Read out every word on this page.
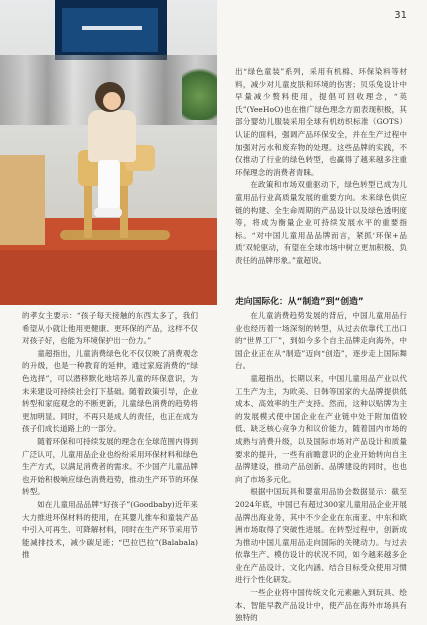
31

出“绿色童装”系列，采用有机棉、环保染料等材料，减少对儿童皮肤和环境的伤害；贝乐兔设计中早量减少赘料使用，提倡可回收理念，“英氏”(YeeHoO)也在推广绿色理念方面表现积极，其部分婴幼儿服装采用全球有机纺织标准（GOTS）认证的面料，强调产品环保安全，并在生产过程中加强对污水和废弃物的处理。这些品牌的实践，不仅推动了行业的绿色转型，也赢得了越来越多注重环保理念的消费者青睐。

在政策和市场双重驱动下，绿色转型已成为儿童用品行业高质量发展的重要方向。未来绿色供应链的构建、全生命周期的产品设计以及绿色透明度等，将成为衡量企业可持续发展水平的重要指标。“对中国儿童用品品牌而言，紧抓‘环保+品质’双轮驱动，有望在全球市场中树立更加积极、负责任的品牌形象。”童超说。

走向国际化：从“制造”到“创造”

在儿童消费趋势发展的背后，中国儿童用品行业也经历着一场深刻的转型，从过去依靠代工出口的“世界工厂”，到如今多个自主品牌走向海外，中国企业正在从“制造”迈向“创造”，逐步走上国际舞台。

童超指出，长期以来，中国儿童用品产业以代工生产为主，为欧美、日韩等国家的大品牌提供低成本、高效率的生产支持。然而，这种以贴牌为主的发展模式使中国企业在产业链中处于附加值较低、缺乏核心竞争力和议价能力，随着国内市场的成熟与消费升级，以及国际市场对产品设计和质量要求的提升，一些有前瞻意识的企业开始转向自主品牌建设，推动产品创新、品牌建设的同时，也也向了市场多元化。

根据中国玩具和婴童用品协会数据显示：截至2024年底，中国已有超过300家儿童用品企业开展品牌出海业务，其中不少企业在东南亚、中东和欧洲市场取得了突破性进展。在转型过程中，创新成为推动中国儿童用品走向国际的关键动力。与过去依靠生产、模仿设计的状况不同，如今越来越多企业在产品设计、文化内涵、结合目标受众使用习惯进行个性化研发。

一些企业将中国传统文化元素融入到玩具、绘本、智能早教产品设计中，使产品在海外市场具有独特的

的孝女主要示：“孩子每天接触的东西太多了，我们希望从小就让他用更健康、更环保的产品，这样不仅对孩子好，也能为环境保护出一份力。”

童超指出，儿童消费绿色化不仅仅映了消费观念的升级，也是一种教育的延伸，通过家庭消费的“绿色选择”，可以潜移默化地培养儿童的环保意识，为未来建设可持续社会打下基础。随着政策引导，企业转型和家庭观念的不断更新，儿童绿色消费的趋势将更加明显。同时，不再只是成人的责任，也正在成为孩子们成长道路上的一部分。

随着环保和可持续发展的理念在全球范围内得到广泛认可，儿童用品企业也纷纷采用环保材料和绿色生产方式，以满足消费者的需求。不少国产儿童品牌也开始积极响应绿色消费趋势，推动生产环节的环保转型。

如在儿童用品品牌“好孩子”(Goodbaby)近年来大力推进环保材料的使用，在其婴儿推车和童装产品中引入可再生、可降解材料，同时在生产环节采用节能减排技术，减少碳足迹；“巴拉巴拉”(Balabala)推
